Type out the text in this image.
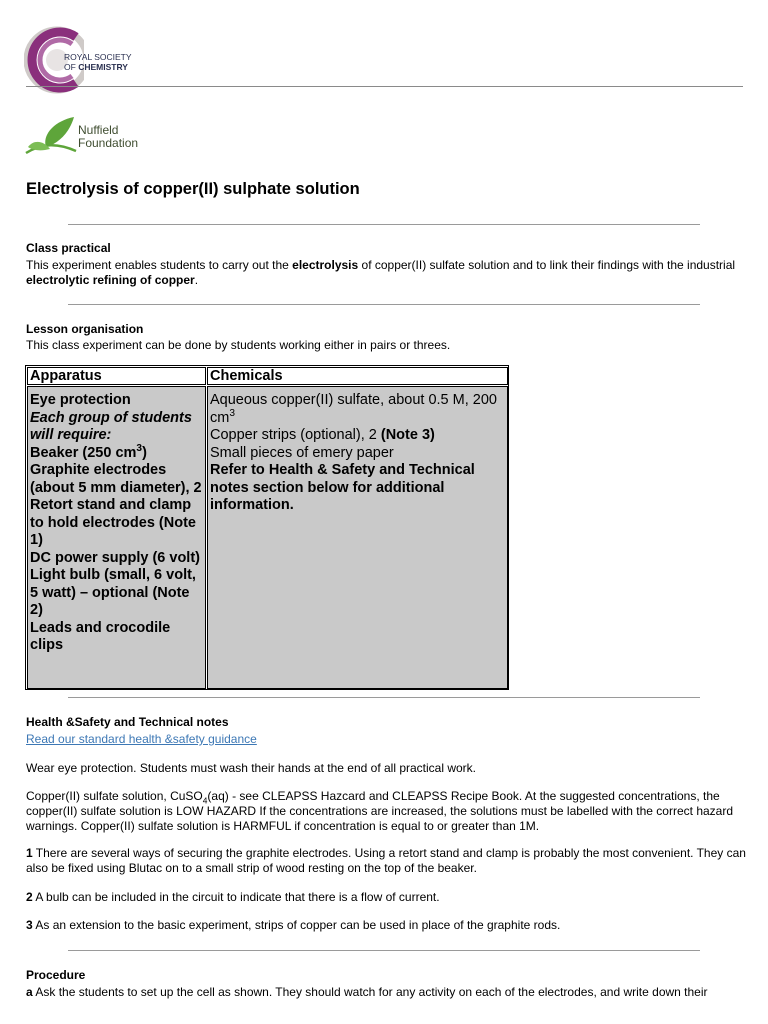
ROYAL SOCIETY
OF CHEMISTRY
Nuffield
Foundation
Electrolysis of copper(II) sulphate solution
Class practical
This experiment enables students to carry out the electrolysis of copper(II) sulfate solution and to link their findings with the industrial electrolytic refining of copper.
Lesson organisation
This class experiment can be done by students working either in pairs or threes.
Apparatus	Chemicals
Eye protection
Each group of students will require:
Beaker (250 $cm^3$)
Graphite electrodes (about 5 mm diameter), 2
Retort stand and clamp to hold electrodes (Note 1)
DC power supply (6 volt)
Light bulb (small, 6 volt, 5 watt) – optional (Note 2)
Leads and crocodile clips
Aqueous copper(II) sulfate, about 0.5 M, 200 $cm^3$
Copper strips (optional), 2 (Note 3)
Small pieces of emery paper
Refer to Health & Safety and Technical notes section below for additional information.
Health &Safety and Technical notes
Read our standard health &safety guidance
Wear eye protection. Students must wash their hands at the end of all practical work.
Copper(II) sulfate solution, CuSO$_4$(aq) - see CLEAPSS Hazcard and CLEAPSS Recipe Book. At the suggested concentrations, the copper(II) sulfate solution is LOW HAZARD If the concentrations are increased, the solutions must be labelled with the correct hazard warnings. Copper(II) sulfate solution is HARMFUL if concentration is equal to or greater than 1M.
1 There are several ways of securing the graphite electrodes. Using a retort stand and clamp is probably the most convenient. They can also be fixed using Blutac on to a small strip of wood resting on the top of the beaker.
2 A bulb can be included in the circuit to indicate that there is a flow of current.
3 As an extension to the basic experiment, strips of copper can be used in place of the graphite rods.
Procedure
a Ask the students to set up the cell as shown. They should watch for any activity on each of the electrodes, and write down their
